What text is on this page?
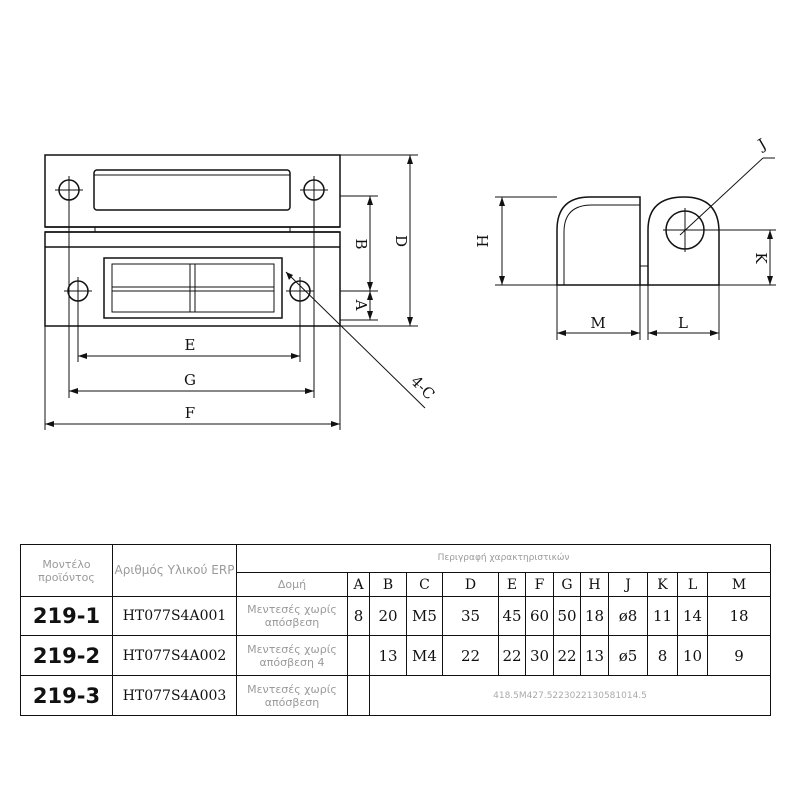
B
A
D
E
G
F
4-C
H
K
J
M	L
Μοντέλο προϊόντος	Αριθμός Υλικού ERP	Περιγραφή χαρακτηριστικών												
		Δομή	A	B	C	D	E	F	G	H	J	K	L	M
219-1	HT077S4A001	Μεντεσές χωρίς απόσβεση	8	20	M5	35	45	60	50	18	ø8	11	14	18
219-2	HT077S4A002	Μεντεσές χωρίς απόσβεση 4		13	M4	22	22	30	22	13	ø5	8	10	9
219-3	HT077S4A003	Μεντεσές χωρίς απόσβεση		418.5M427.5223022130581014.5										
